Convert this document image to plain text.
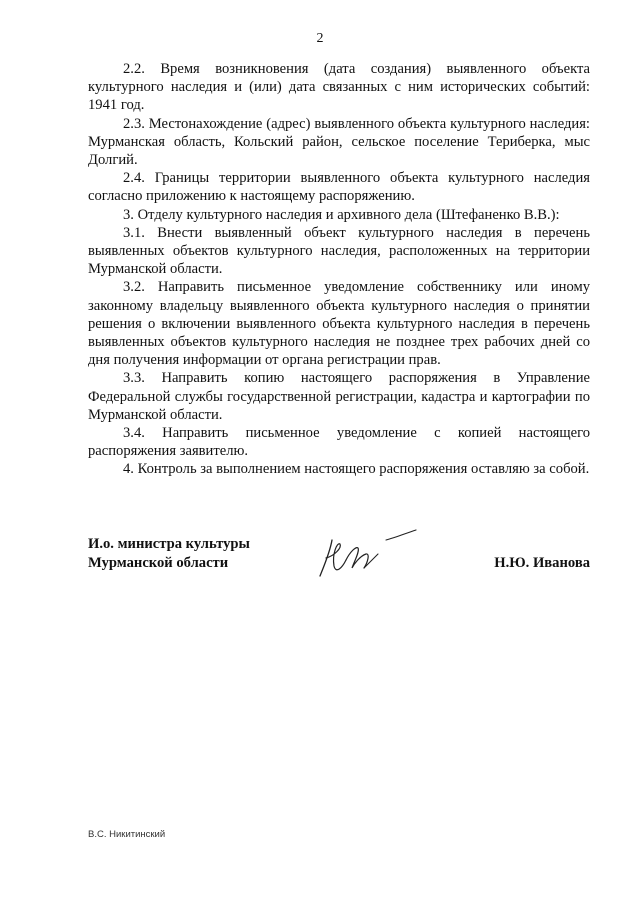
2

2.2. Время возникновения (дата создания) выявленного объекта культурного наследия и (или) дата связанных с ним исторических событий: 1941 год.

2.3. Местонахождение (адрес) выявленного объекта культурного наследия: Мурманская область, Кольский район, сельское поселение Териберка, мыс Долгий.

2.4. Границы территории выявленного объекта культурного наследия согласно приложению к настоящему распоряжению.

3. Отделу культурного наследия и архивного дела (Штефаненко В.В.):

3.1. Внести выявленный объект культурного наследия в перечень выявленных объектов культурного наследия, расположенных на территории Мурманской области.

3.2. Направить письменное уведомление собственнику или иному законному владельцу выявленного объекта культурного наследия о принятии решения о включении выявленного объекта культурного наследия в перечень выявленных объектов культурного наследия не позднее трех рабочих дней со дня получения информации от органа регистрации прав.

3.3. Направить копию настоящего распоряжения в Управление Федеральной службы государственной регистрации, кадастра и картографии по Мурманской области.

3.4. Направить письменное уведомление с копией настоящего распоряжения заявителю.

4. Контроль за выполнением настоящего распоряжения оставляю за собой.

И.о. министра культуры
Мурманской области	Н.Ю. Иванова
В.С. Никитинский
